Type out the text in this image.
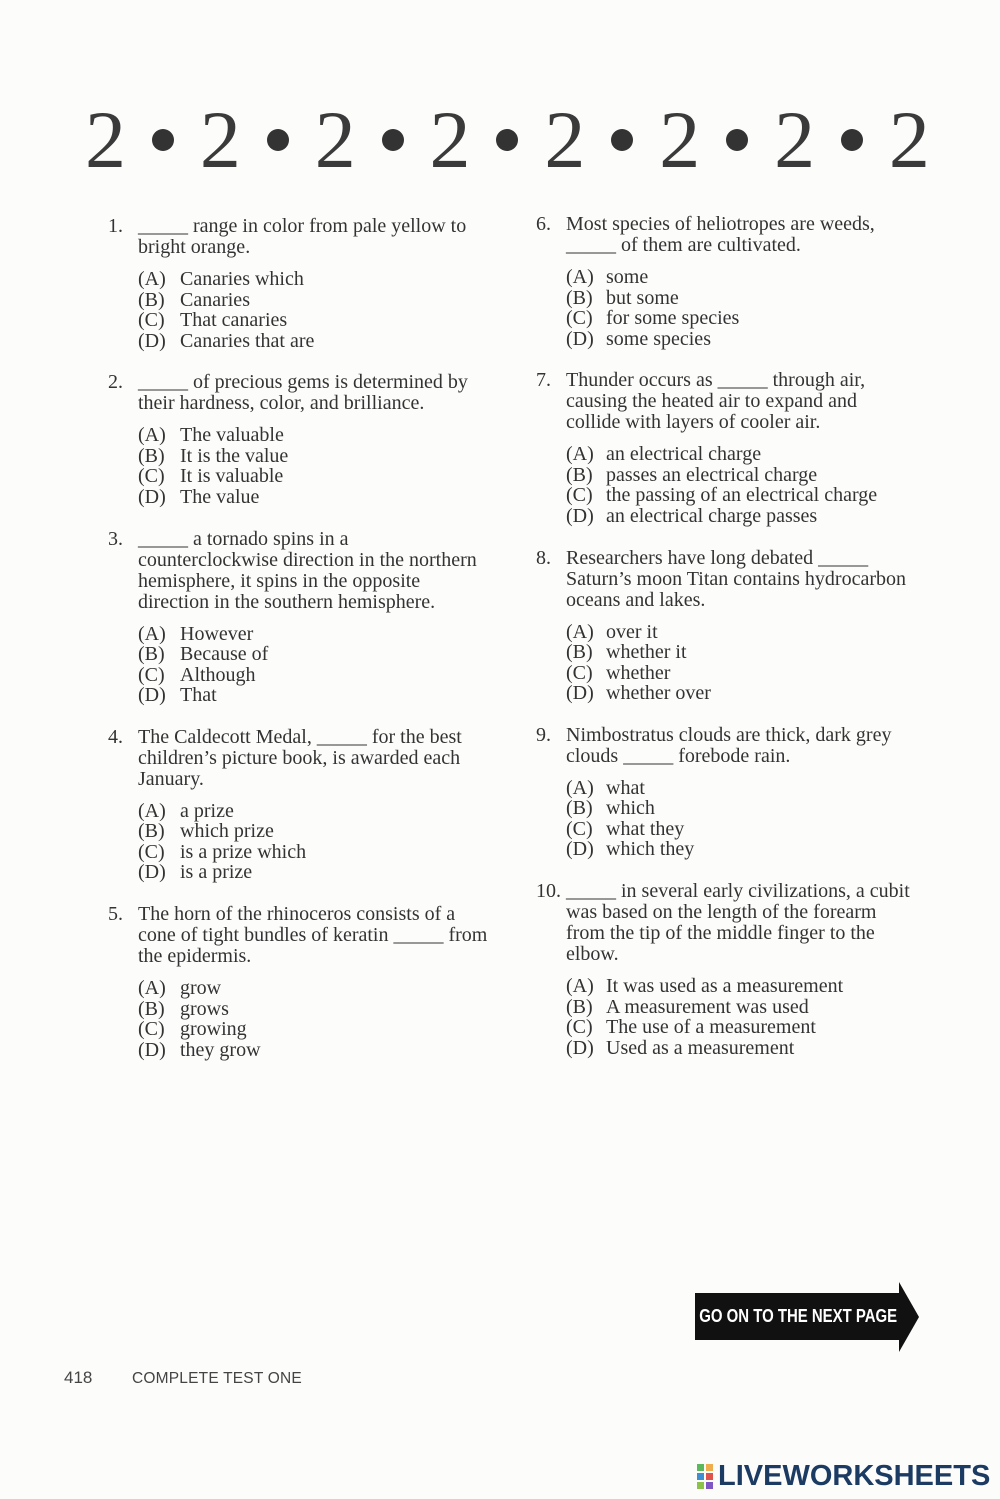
2 2 2 2 2 2 2 2
1. _____ range in color from pale yellow to
bright orange.
(A) Canaries which
(B) Canaries
(C) That canaries
(D) Canaries that are
2. _____ of precious gems is determined by
their hardness, color, and brilliance.
(A) The valuable
(B) It is the value
(C) It is valuable
(D) The value
3. _____ a tornado spins in a
counterclockwise direction in the northern
hemisphere, it spins in the opposite
direction in the southern hemisphere.
(A) However
(B) Because of
(C) Although
(D) That
4. The Caldecott Medal, _____ for the best
children’s picture book, is awarded each
January.
(A) a prize
(B) which prize
(C) is a prize which
(D) is a prize
5. The horn of the rhinoceros consists of a
cone of tight bundles of keratin _____ from
the epidermis.
(A) grow
(B) grows
(C) growing
(D) they grow
6. Most species of heliotropes are weeds,
_____ of them are cultivated.
(A) some
(B) but some
(C) for some species
(D) some species
7. Thunder occurs as _____ through air,
causing the heated air to expand and
collide with layers of cooler air.
(A) an electrical charge
(B) passes an electrical charge
(C) the passing of an electrical charge
(D) an electrical charge passes
8. Researchers have long debated _____
Saturn’s moon Titan contains hydrocarbon
oceans and lakes.
(A) over it
(B) whether it
(C) whether
(D) whether over
9. Nimbostratus clouds are thick, dark grey
clouds _____ forebode rain.
(A) what
(B) which
(C) what they
(D) which they
10. _____ in several early civilizations, a cubit
was based on the length of the forearm
from the tip of the middle finger to the
elbow.
(A) It was used as a measurement
(B) A measurement was used
(C) The use of a measurement
(D) Used as a measurement
GO ON TO THE NEXT PAGE
418	COMPLETE TEST ONE
LIVEWORKSHEETS
